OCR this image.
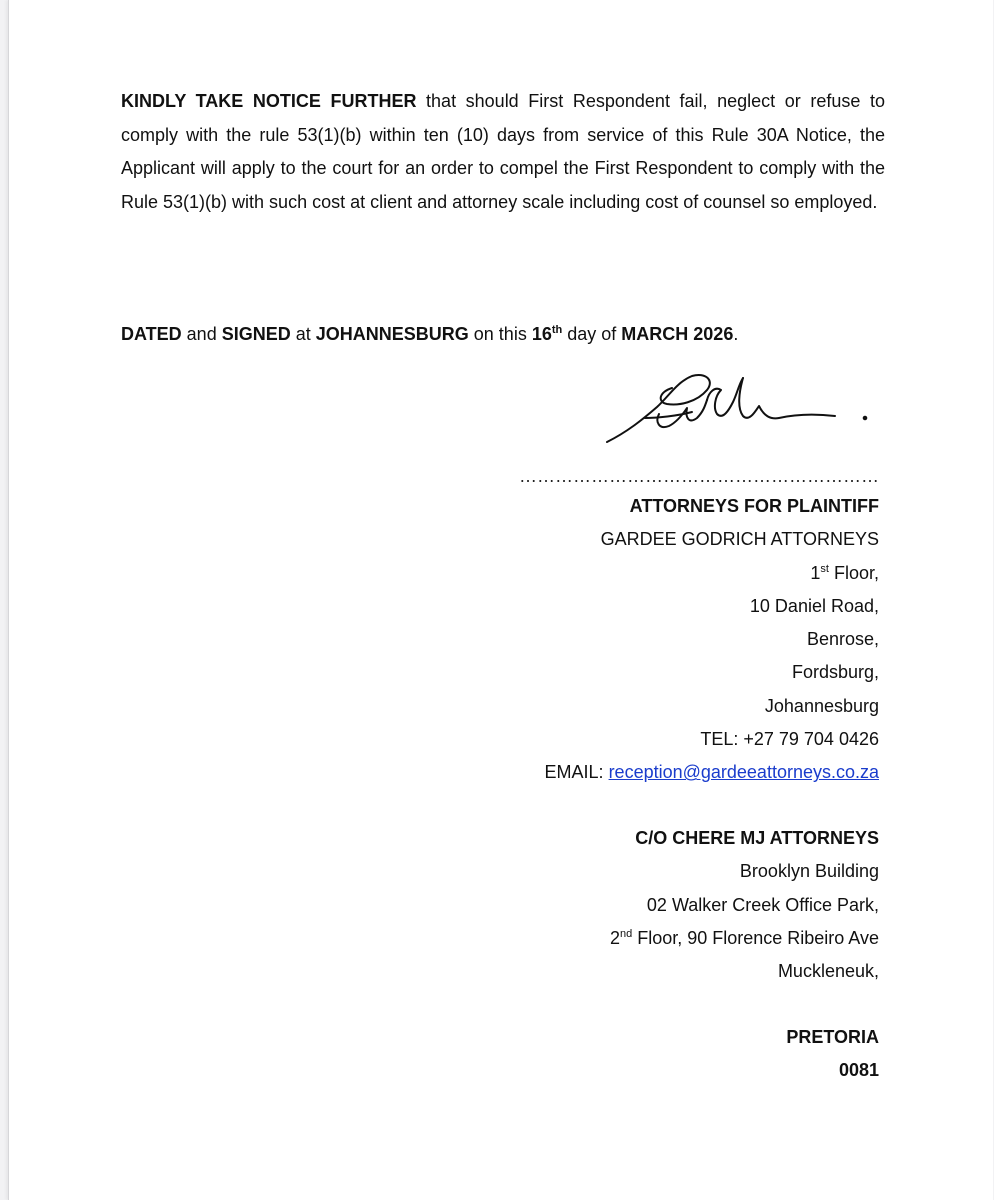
KINDLY TAKE NOTICE FURTHER that should First Respondent fail, neglect or refuse to comply with the rule 53(1)(b) within ten (10) days from service of this Rule 30A Notice, the Applicant will apply to the court for an order to compel the First Respondent to comply with the Rule 53(1)(b) with such cost at client and attorney scale including cost of counsel so employed.
DATED and SIGNED at JOHANNESBURG on this 16th day of MARCH 2026.
……………………………………………………
ATTORNEYS FOR PLAINTIFF
GARDEE GODRICH ATTORNEYS
1st Floor,
10 Daniel Road,
Benrose,
Fordsburg,
Johannesburg
TEL: +27 79 704 0426
EMAIL: reception@gardeeattorneys.co.za
C/O CHERE MJ ATTORNEYS
Brooklyn Building
02 Walker Creek Office Park,
2nd Floor, 90 Florence Ribeiro Ave
Muckleneuk,
PRETORIA
0081
